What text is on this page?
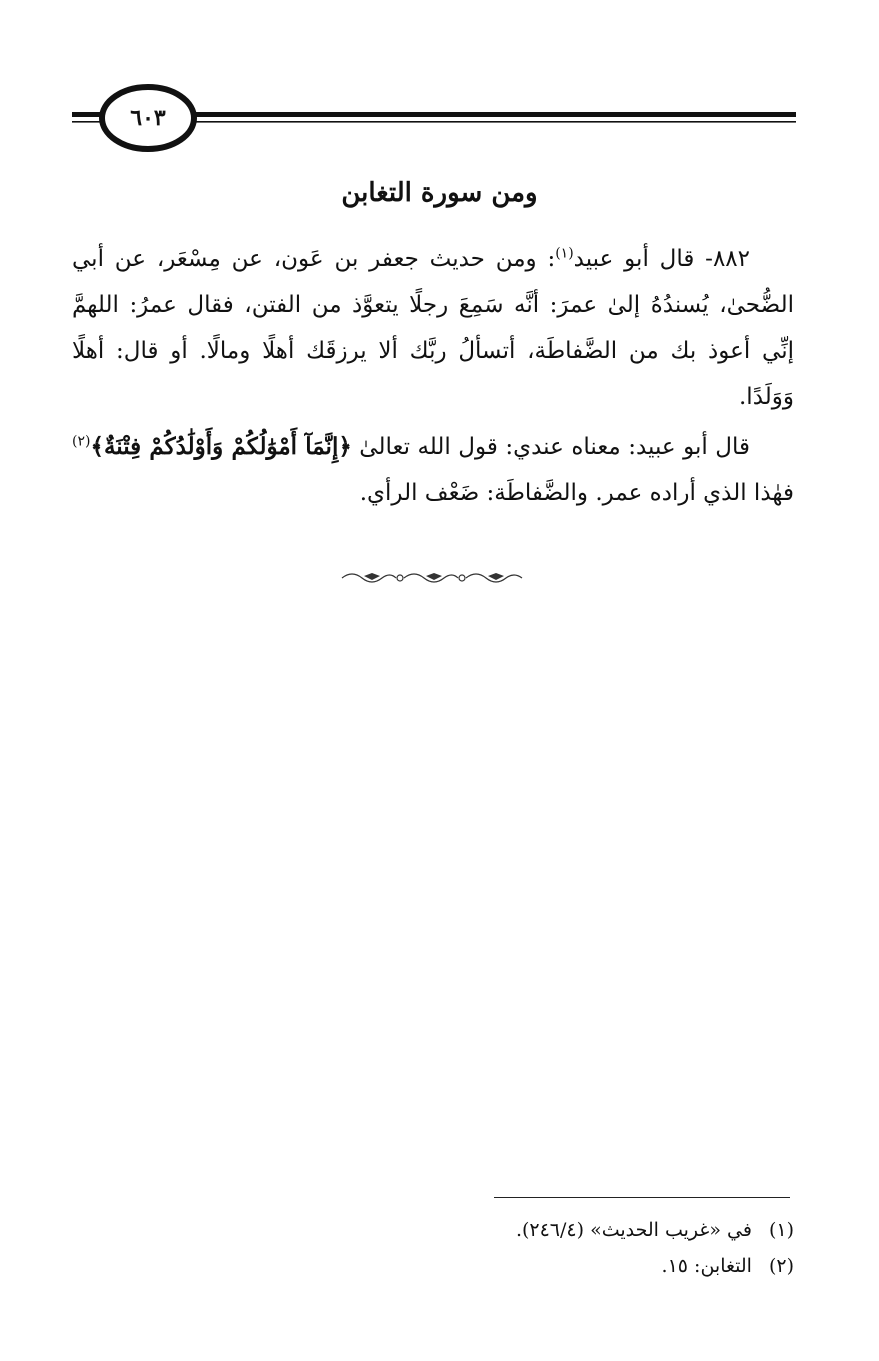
٦٠٣
ومن سورة التغابن

٨٨٢- قال أبو عبيد$^{(١)}$: ومن حديث جعفر بن عَون، عن مِسْعَر، عن أبي الضُّحىٰ، يُسندُهُ إلىٰ عمرَ: أنَّه سَمِعَ رجلًا يتعوَّذ من الفتن، فقال عمرُ: اللهمَّ إنِّي أعوذ بك من الضَّفاطَة، أتسألُ ربَّك ألا يرزقَك أهلًا ومالًا. أو قال: أهلًا وَوَلَدًا.

قال أبو عبيد: معناه عندي: قول الله تعالىٰ ﴿إِنَّمَآ أَمْوَٰلُكُمْ وَأَوْلَٰدُكُمْ فِتْنَةٌ﴾$^{(٢)}$ فهٰذا الذي أراده عمر. والضَّفاطَة: ضَعْف الرأي.

(١) في «غريب الحديث» (٢٤٦/٤).
(٢) التغابن: ١٥.
